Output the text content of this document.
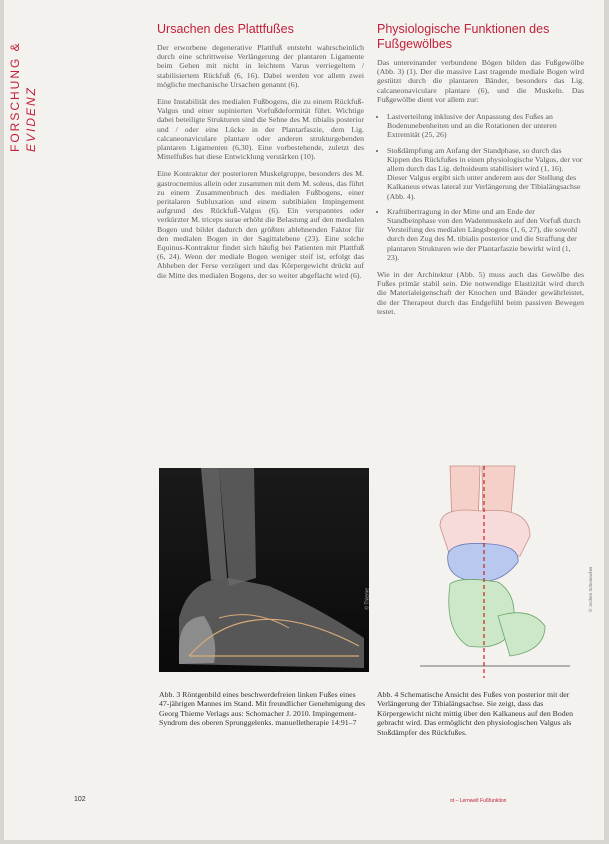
FORSCHUNG & EVIDENZ
Ursachen des Plattfußes

Der erworbene degenerative Plattfuß entsteht wahrscheinlich durch eine schrittweise Verlängerung der plantaren Ligamente beim Gehen mit nicht in leichtem Varus verriegeltem / stabilisiertem Rückfuß (6, 16). Dabei werden vor allem zwei mögliche mechanische Ursachen genannt (6).

Eine Instabilität des medialen Fußbogens, die zu einem Rückfuß-Valgus und einer supinierten Vorfußdeformität führt. Wichtige dabei beteiligte Strukturen sind die Sehne des M. tibialis posterior und / oder eine Lücke in der Plantarfaszie, dem Lig. calcaneonaviculare plantare oder anderen strukturgebenden plantaren Ligamenten (6,30). Eine vorbestehende, zuletzt des Mittelfußes hat diese Entwicklung verstärken (10).

Eine Kontraktur der posterioren Muskelgruppe, besonders des M. gastrocnemius allein oder zusammen mit dem M. soleus, das führt zu einem Zusammenbruch des medialen Fußbogens, einer peritalaren Subluxation und einem subtibialen Impingement aufgrund des Rückfuß-Valgus (6). Ein verspanntes oder verkürzter M. triceps surae erhöht die Belastung auf den medialen Bogen und bildet dadurch den größten ablehnenden Faktor für den medialen Bogen in der Sagittalebene (23). Eine solche Equinus-Kontraktur findet sich häufig bei Patienten mit Plattfuß (6, 24). Wenn der mediale Bogen weniger steif ist, erfolgt das Abheben der Ferse verzögert und das Körpergewicht drückt auf die Mitte des medialen Bogens, der so weiter abgeflacht wird (6).

Physiologische Funktionen des Fußgewölbes

Das untereinander verbundene Bögen bilden das Fußgewölbe (Abb. 3) (1). Der die massive Last tragende mediale Bogen wird gestützt durch die plantaren Bänder, besonders das Lig. calcaneonaviculare plantare (6), und die Muskeln. Das Fußgewölbe dient vor allem zur:

• Lastverteilung inklusive der Anpassung des Fußes an Bodenunebenheiten und an die Rotationen der unteren Extremität (25, 26)
• Stoßdämpfung am Anfang der Standphase, so durch das Kippen des Rückfußes in einen physiologische Valgus, der vor allem durch das Lig. deltoideum stabilisiert wird (1, 16). Dieser Valgus ergibt sich unter anderem aus der Stellung des Kalkaneus etwas lateral zur Verlängerung der Tibialängsachse (Abb. 4).
• Kraftübertragung in der Mitte und am Ende der Standbeinphase von den Wadenmuskeln auf den Vorfuß durch Versteifung des medialen Längsbogens (1, 6, 27), die sowohl durch den Zug des M. tibialis posterior und die Straffung der plantaren Strukturen wie der Plantarfaszie bewirkt wird (1, 23).

Wie in der Architektur (Abb. 5) muss auch das Gewölbe des Fußes primär stabil sein. Die notwendige Elastizität wird durch die Materialeigenschaft der Knochen und Bänder gewährleistet, die der Therapeut durch das Endgefühl beim passiven Bewegen testet.

© Thieme	© Jochen Schomacher
Abb. 3 Röntgenbild eines beschwerdefreien linken Fußes eines 47-jährigen Mannes im Stand. Mit freundlicher Genehmigung des Georg Thieme Verlags aus: Schomacher J. 2010. Impingement-Syndrom des oberen Sprunggelenks. manuelletherapie 14:91–7
Abb. 4 Schematische Ansicht des Fußes von posterior mit der Verlängerung der Tibialängsachse. Sie zeigt, dass das Körpergewicht nicht mittig über den Kalkaneus auf den Boden gebracht wird. Das ermöglicht den physiologischen Valgus als Stoßdämpfer des Rückfußes.
102	ot – Lernwelt Fußfunktion
